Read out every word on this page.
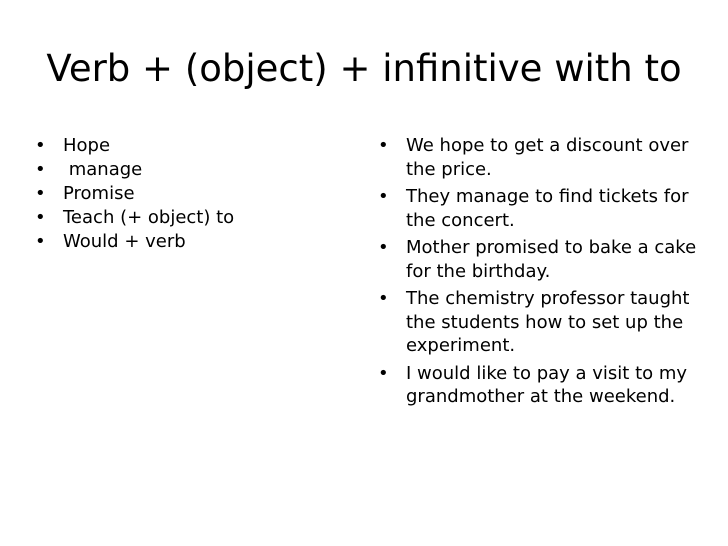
Verb + (object) + infinitive with to
• Hope
• manage
• Promise
• Teach (+ object) to
• Would + verb
• We hope to get a discount over the price.
• They manage to find tickets for the concert.
• Mother promised to bake a cake for the birthday.
• The chemistry professor taught the students how to set up the experiment.
• I would like to pay a visit to my grandmother at the weekend.
